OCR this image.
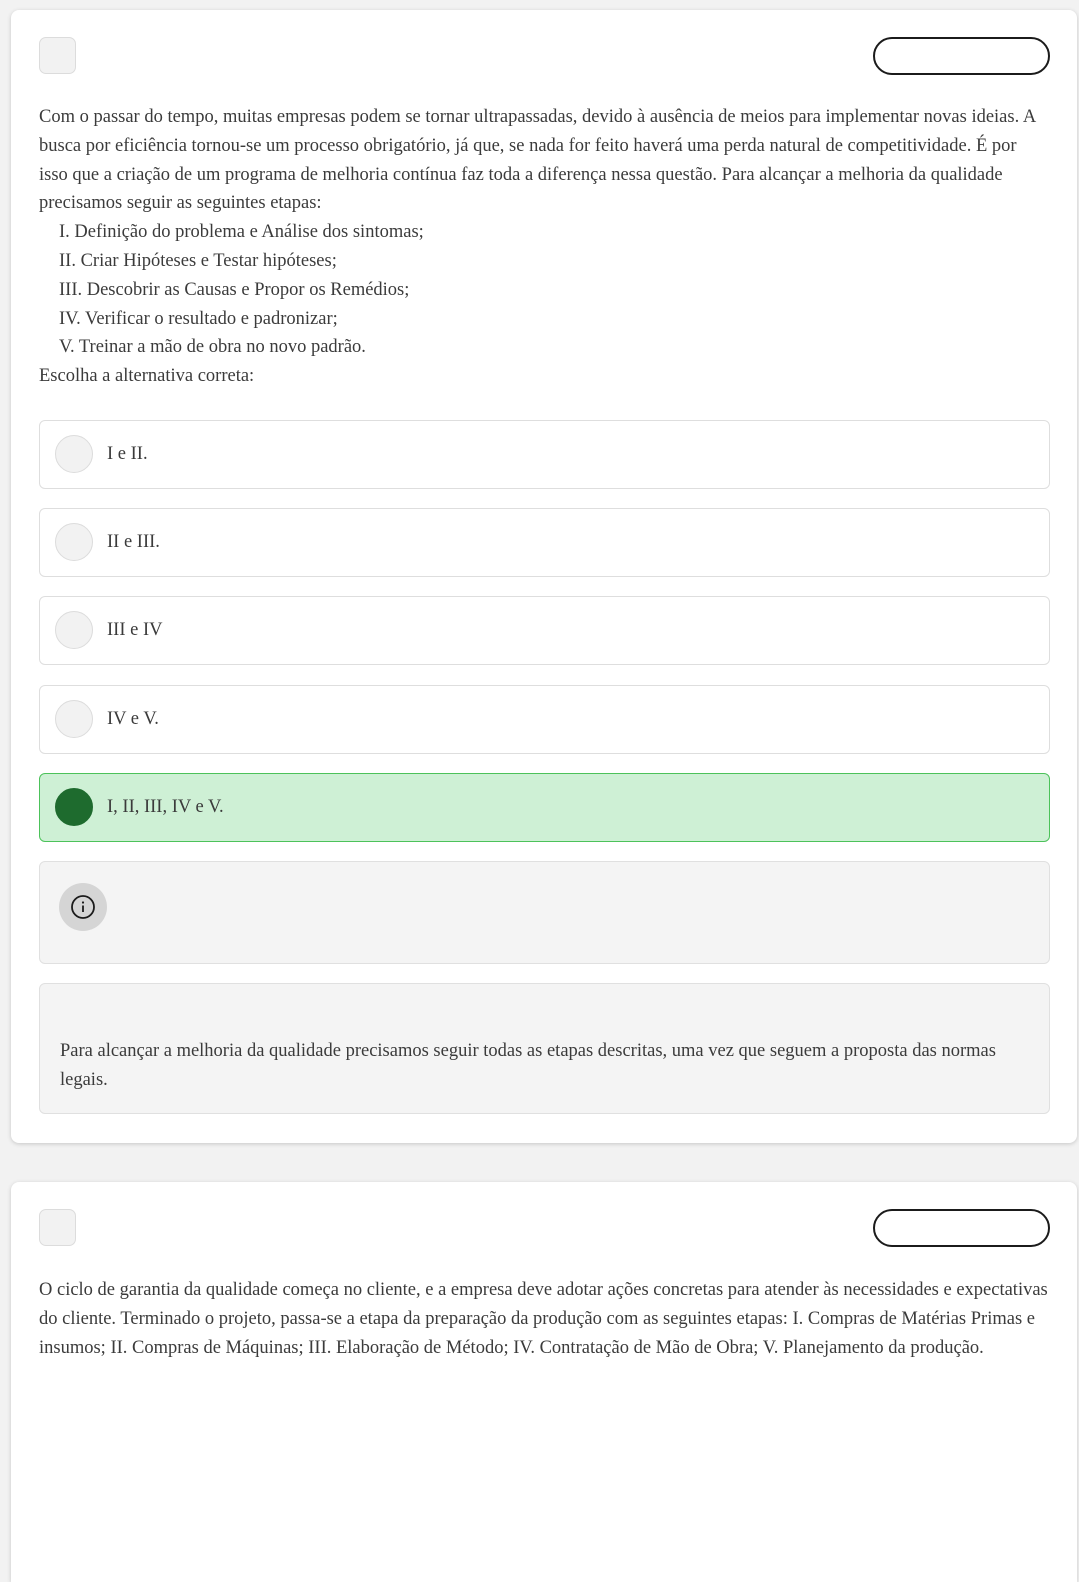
Com o passar do tempo, muitas empresas podem se tornar ultrapassadas, devido à ausência de meios para implementar novas ideias. A busca por eficiência tornou-se um processo obrigatório, já que, se nada for feito haverá uma perda natural de competitividade. É por isso que a criação de um programa de melhoria contínua faz toda a diferença nessa questão. Para alcançar a melhoria da qualidade precisamos seguir as seguintes etapas:

I. Definição do problema e Análise dos sintomas;

II. Criar Hipóteses e Testar hipóteses;

III. Descobrir as Causas e Propor os Remédios;

IV. Verificar o resultado e padronizar;

V. Treinar a mão de obra no novo padrão.

Escolha a alternativa correta:

I e II.
II e III.
III e IV
IV e V.
I, II, III, IV e V.
Para alcançar a melhoria da qualidade precisamos seguir todas as etapas descritas, uma vez que seguem a proposta das normas legais.
O ciclo de garantia da qualidade começa no cliente, e a empresa deve adotar ações concretas para atender às necessidades e expectativas do cliente. Terminado o projeto, passa-se a etapa da preparação da produção com as seguintes etapas: I. Compras de Matérias Primas e insumos; II. Compras de Máquinas; III. Elaboração de Método; IV. Contratação de Mão de Obra; V. Planejamento da produção.
